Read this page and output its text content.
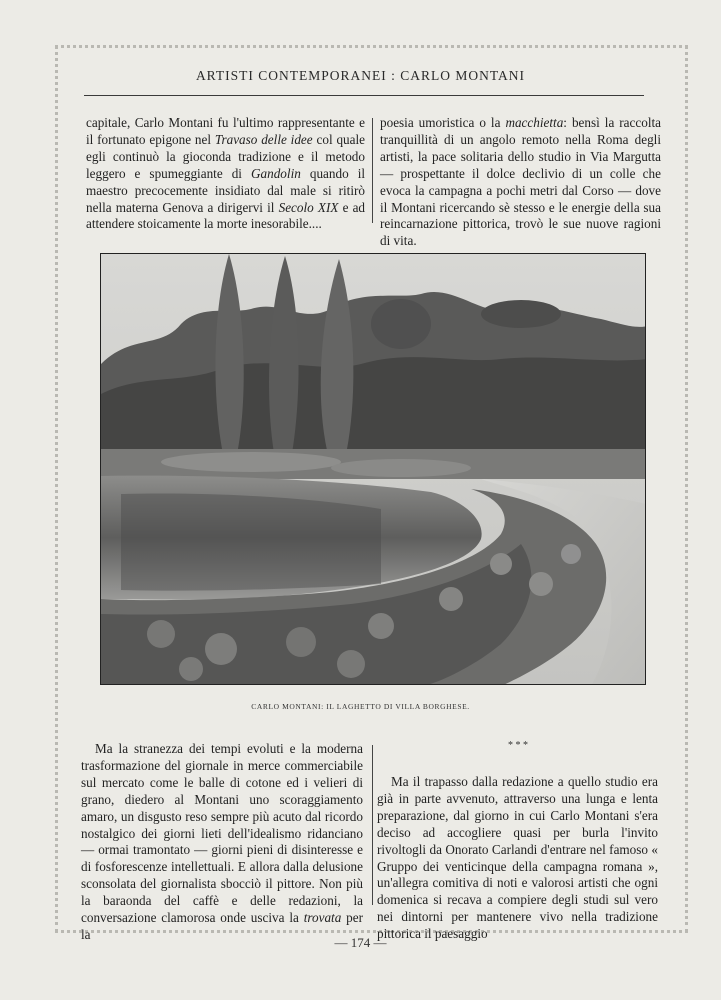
ARTISTI CONTEMPORANEI : CARLO MONTANI

capitale, Carlo Montani fu l'ultimo rappresentante e il fortunato epigone nel Travaso delle idee col quale egli continuò la gioconda tradizione e il metodo leggero e spumeggiante di Gandolin quando il maestro precocemente insidiato dal male si ritirò nella materna Genova a dirigervi il Secolo XIX e ad attendere stoicamente la morte inesorabile....

poesia umoristica o la macchietta: bensì la raccolta tranquillità di un angolo remoto nella Roma degli artisti, la pace solitaria dello studio in Via Margutta — prospettante il dolce declivio di un colle che evoca la campagna a pochi metri dal Corso — dove il Montani ricercando sè stesso e le energie della sua reincarnazione pittorica, trovò le sue nuove ragioni di vita.

CARLO MONTANI: IL LAGHETTO DI VILLA BORGHESE.

Ma la stranezza dei tempi evoluti e la moderna trasformazione del giornale in merce commerciabile sul mercato come le balle di cotone ed i velieri di grano, diedero al Montani uno scoraggiamento amaro, un disgusto reso sempre più acuto dal ricordo nostalgico dei giorni lieti dell'idealismo ridanciano — ormai tramontato — giorni pieni di disinteresse e di fosforescenze intellettuali. E allora dalla delusione sconsolata del giornalista sbocciò il pittore. Non più la baraonda del caffè e delle redazioni, la conversazione clamorosa onde usciva la trovata per la

* * *

Ma il trapasso dalla redazione a quello studio era già in parte avvenuto, attraverso una lunga e lenta preparazione, dal giorno in cui Carlo Montani s'era deciso ad accogliere quasi per burla l'invito rivoltogli da Onorato Carlandi d'entrare nel famoso « Gruppo dei venticinque della campagna romana », un'allegra comitiva di noti e valorosi artisti che ogni domenica si recava a compiere degli studi sul vero nei dintorni per mantenere vivo nella tradizione pittorica il paesaggio

— 174 —
